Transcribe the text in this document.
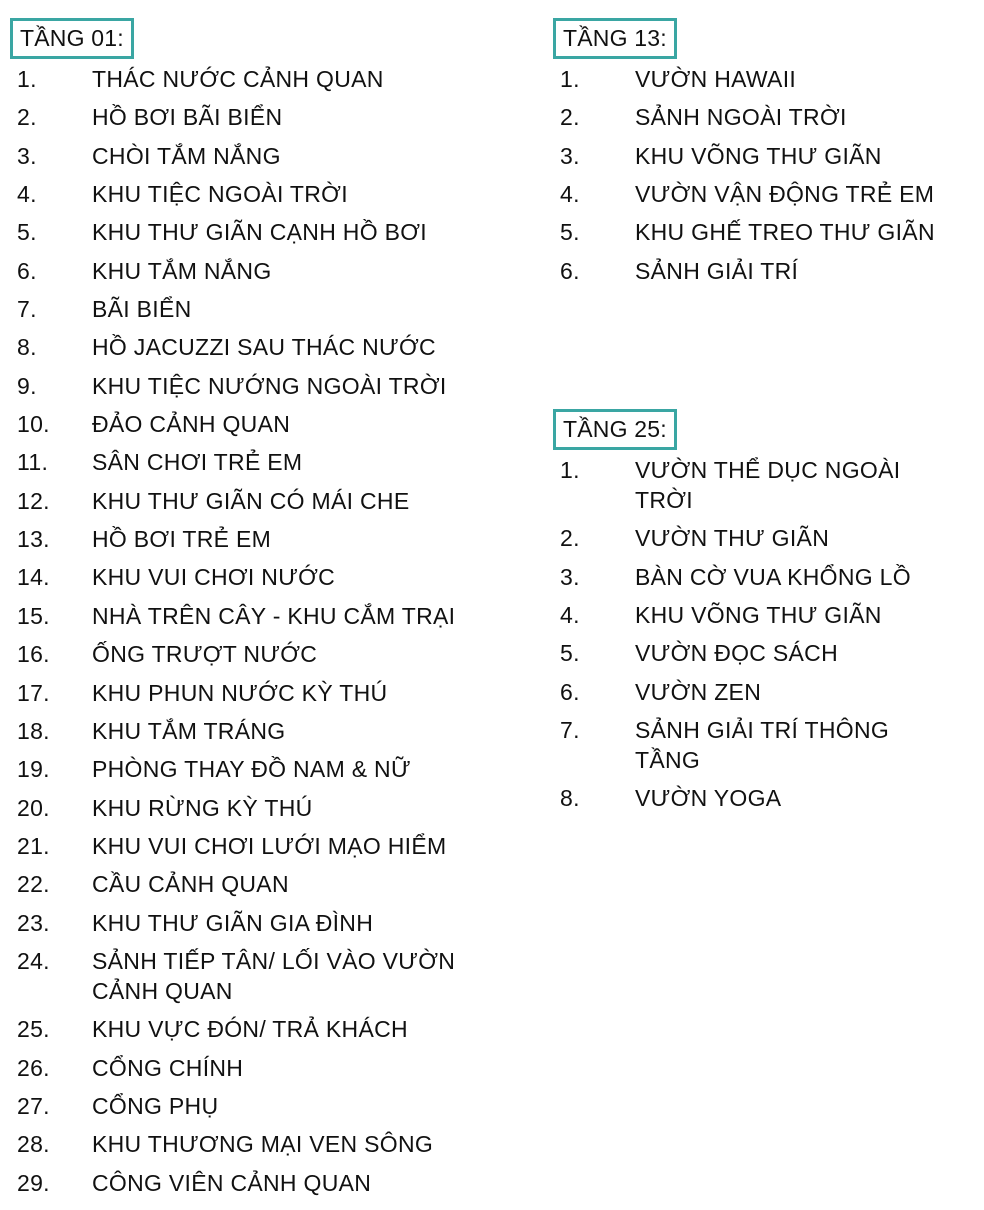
TẦNG 01:
1.	THÁC NƯỚC CẢNH QUAN
2.	HỒ BƠI BÃI BIỂN
3.	CHÒI TẮM NẮNG
4.	KHU TIỆC NGOÀI TRỜI
5.	KHU THƯ GIÃN CẠNH HỒ BƠI
6.	KHU TẮM NẮNG
7.	BÃI BIỂN
8.	HỒ JACUZZI SAU THÁC NƯỚC
9.	KHU TIỆC NƯỚNG NGOÀI TRỜI
10.	ĐẢO CẢNH QUAN
11.	SÂN CHƠI TRẺ EM
12.	KHU THƯ GIÃN CÓ MÁI CHE
13.	HỒ BƠI TRẺ EM
14.	KHU VUI CHƠI NƯỚC
15.	NHÀ TRÊN CÂY - KHU CẮM TRẠI
16.	ỐNG TRƯỢT NƯỚC
17.	KHU PHUN NƯỚC KỲ THÚ
18.	KHU TẮM TRÁNG
19.	PHÒNG THAY ĐỒ NAM & NỮ
20.	KHU RỪNG KỲ THÚ
21.	KHU VUI CHƠI LƯỚI MẠO HIỂM
22.	CẦU CẢNH QUAN
23.	KHU THƯ GIÃN GIA ĐÌNH
24.	SẢNH TIẾP TÂN/ LỐI VÀO VƯỜN CẢNH QUAN
25.	KHU VỰC ĐÓN/ TRẢ KHÁCH
26.	CỔNG CHÍNH
27.	CỔNG PHỤ
28.	KHU THƯƠNG MẠI VEN SÔNG
29.	CÔNG VIÊN CẢNH QUAN
TẦNG 13:
1.	VƯỜN HAWAII
2.	SẢNH NGOÀI TRỜI
3.	KHU VÕNG THƯ GIÃN
4.	VƯỜN VẬN ĐỘNG TRẺ EM
5.	KHU GHẾ TREO THƯ GIÃN
6.	SẢNH GIẢI TRÍ
TẦNG 25:
1.	VƯỜN THỂ DỤC NGOÀI TRỜI
2.	VƯỜN THƯ GIÃN
3.	BÀN CỜ VUA KHỔNG LỒ
4.	KHU VÕNG THƯ GIÃN
5.	VƯỜN ĐỌC SÁCH
6.	VƯỜN ZEN
7.	SẢNH GIẢI TRÍ THÔNG TẦNG
8.	VƯỜN YOGA
